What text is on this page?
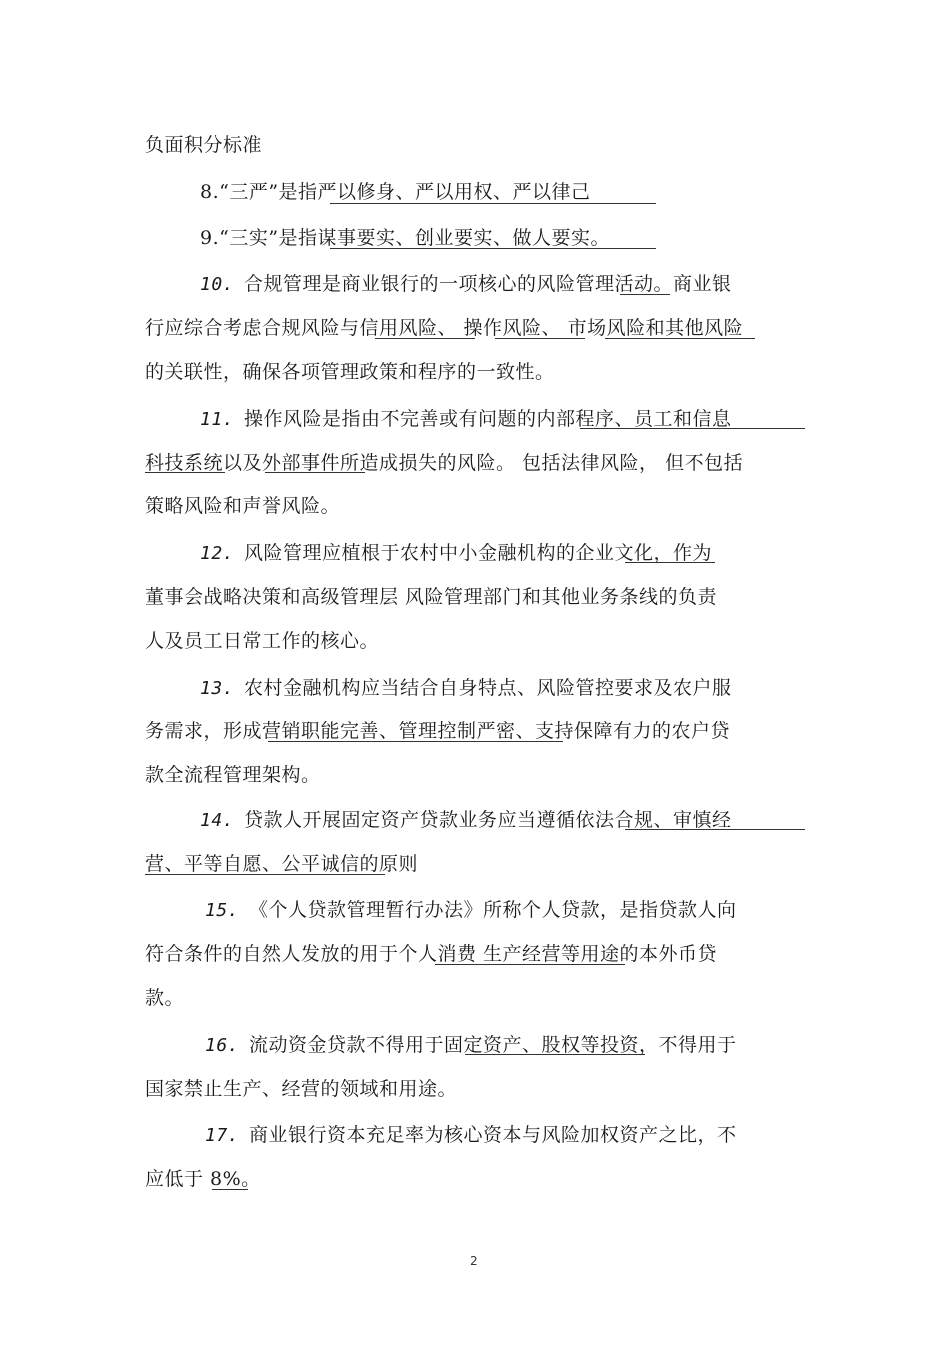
负面积分标准
8.“三严”是指严以修身、严以用权、严以律己
9.“三实”是指谋事要实、创业要实、做人要实。
10. 合规管理是商业银行的一项核心的风险管理活动。商业银
行应综合考虑合规风险与信用风险、 操作风险、 市场风险和其他风险
的关联性，确保各项管理政策和程序的一致性。
11. 操作风险是指由不完善或有问题的内部程序、员工和信息
科技系统以及外部事件所造成损失的风险。 包括法律风险， 但不包括
策略风险和声誉风险。
12. 风险管理应植根于农村中小金融机构的企业文化，作为
董事会战略决策和高级管理层 风险管理部门和其他业务条线的负责
人及员工日常工作的核心。
13. 农村金融机构应当结合自身特点、风险管控要求及农户服
务需求，形成营销职能完善、管理控制严密、支持保障有力的农户贷
款全流程管理架构。
14. 贷款人开展固定资产贷款业务应当遵循依法合规、审慎经
营、平等自愿、公平诚信的原则
15. 《个人贷款管理暂行办法》所称个人贷款，是指贷款人向
符合条件的自然人发放的用于个人消费 生产经营等用途的本外币贷
款。
16. 流动资金贷款不得用于固定资产、股权等投资，不得用于
国家禁止生产、经营的领域和用途。
17. 商业银行资本充足率为核心资本与风险加权资产之比，不
应低于 8%。
2
